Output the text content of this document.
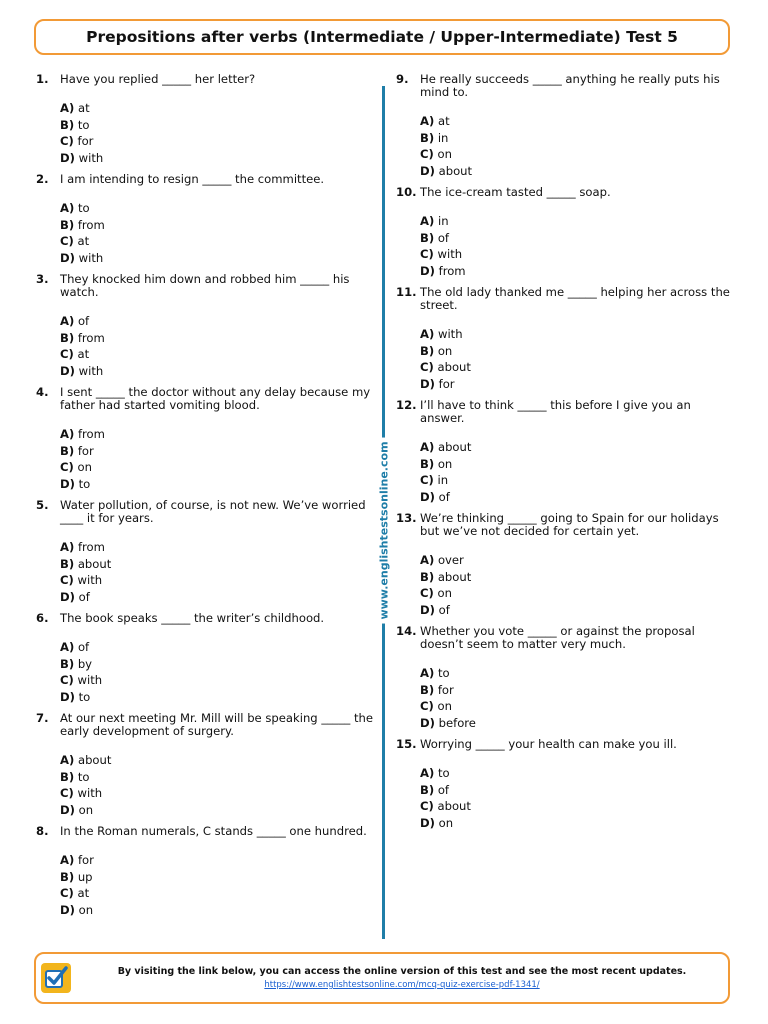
Prepositions after verbs (Intermediate / Upper-Intermediate) Test 5
1. Have you replied _____ her letter?
A) at
B) to
C) for
D) with
2. I am intending to resign _____ the committee.
A) to
B) from
C) at
D) with
3. They knocked him down and robbed him _____ his watch.
A) of
B) from
C) at
D) with
4. I sent _____ the doctor without any delay because my father had started vomiting blood.
A) from
B) for
C) on
D) to
5. Water pollution, of course, is not new. We’ve worried ____ it for years.
A) from
B) about
C) with
D) of
6. The book speaks _____ the writer’s childhood.
A) of
B) by
C) with
D) to
7. At our next meeting Mr. Mill will be speaking _____ the early development of surgery.
A) about
B) to
C) with
D) on
8. In the Roman numerals, C stands _____ one hundred.
A) for
B) up
C) at
D) on
www.englishtestsonline.com
9. He really succeeds _____ anything he really puts his mind to.
A) at
B) in
C) on
D) about
10. The ice-cream tasted _____ soap.
A) in
B) of
C) with
D) from
11. The old lady thanked me _____ helping her across the street.
A) with
B) on
C) about
D) for
12. I’ll have to think _____ this before I give you an answer.
A) about
B) on
C) in
D) of
13. We’re thinking _____ going to Spain for our holidays but we’ve not decided for certain yet.
A) over
B) about
C) on
D) of
14. Whether you vote _____ or against the proposal doesn’t seem to matter very much.
A) to
B) for
C) on
D) before
15. Worrying _____ your health can make you ill.
A) to
B) of
C) about
D) on
By visiting the link below, you can access the online version of this test and see the most recent updates.
https://www.englishtestsonline.com/mcq-quiz-exercise-pdf-1341/
